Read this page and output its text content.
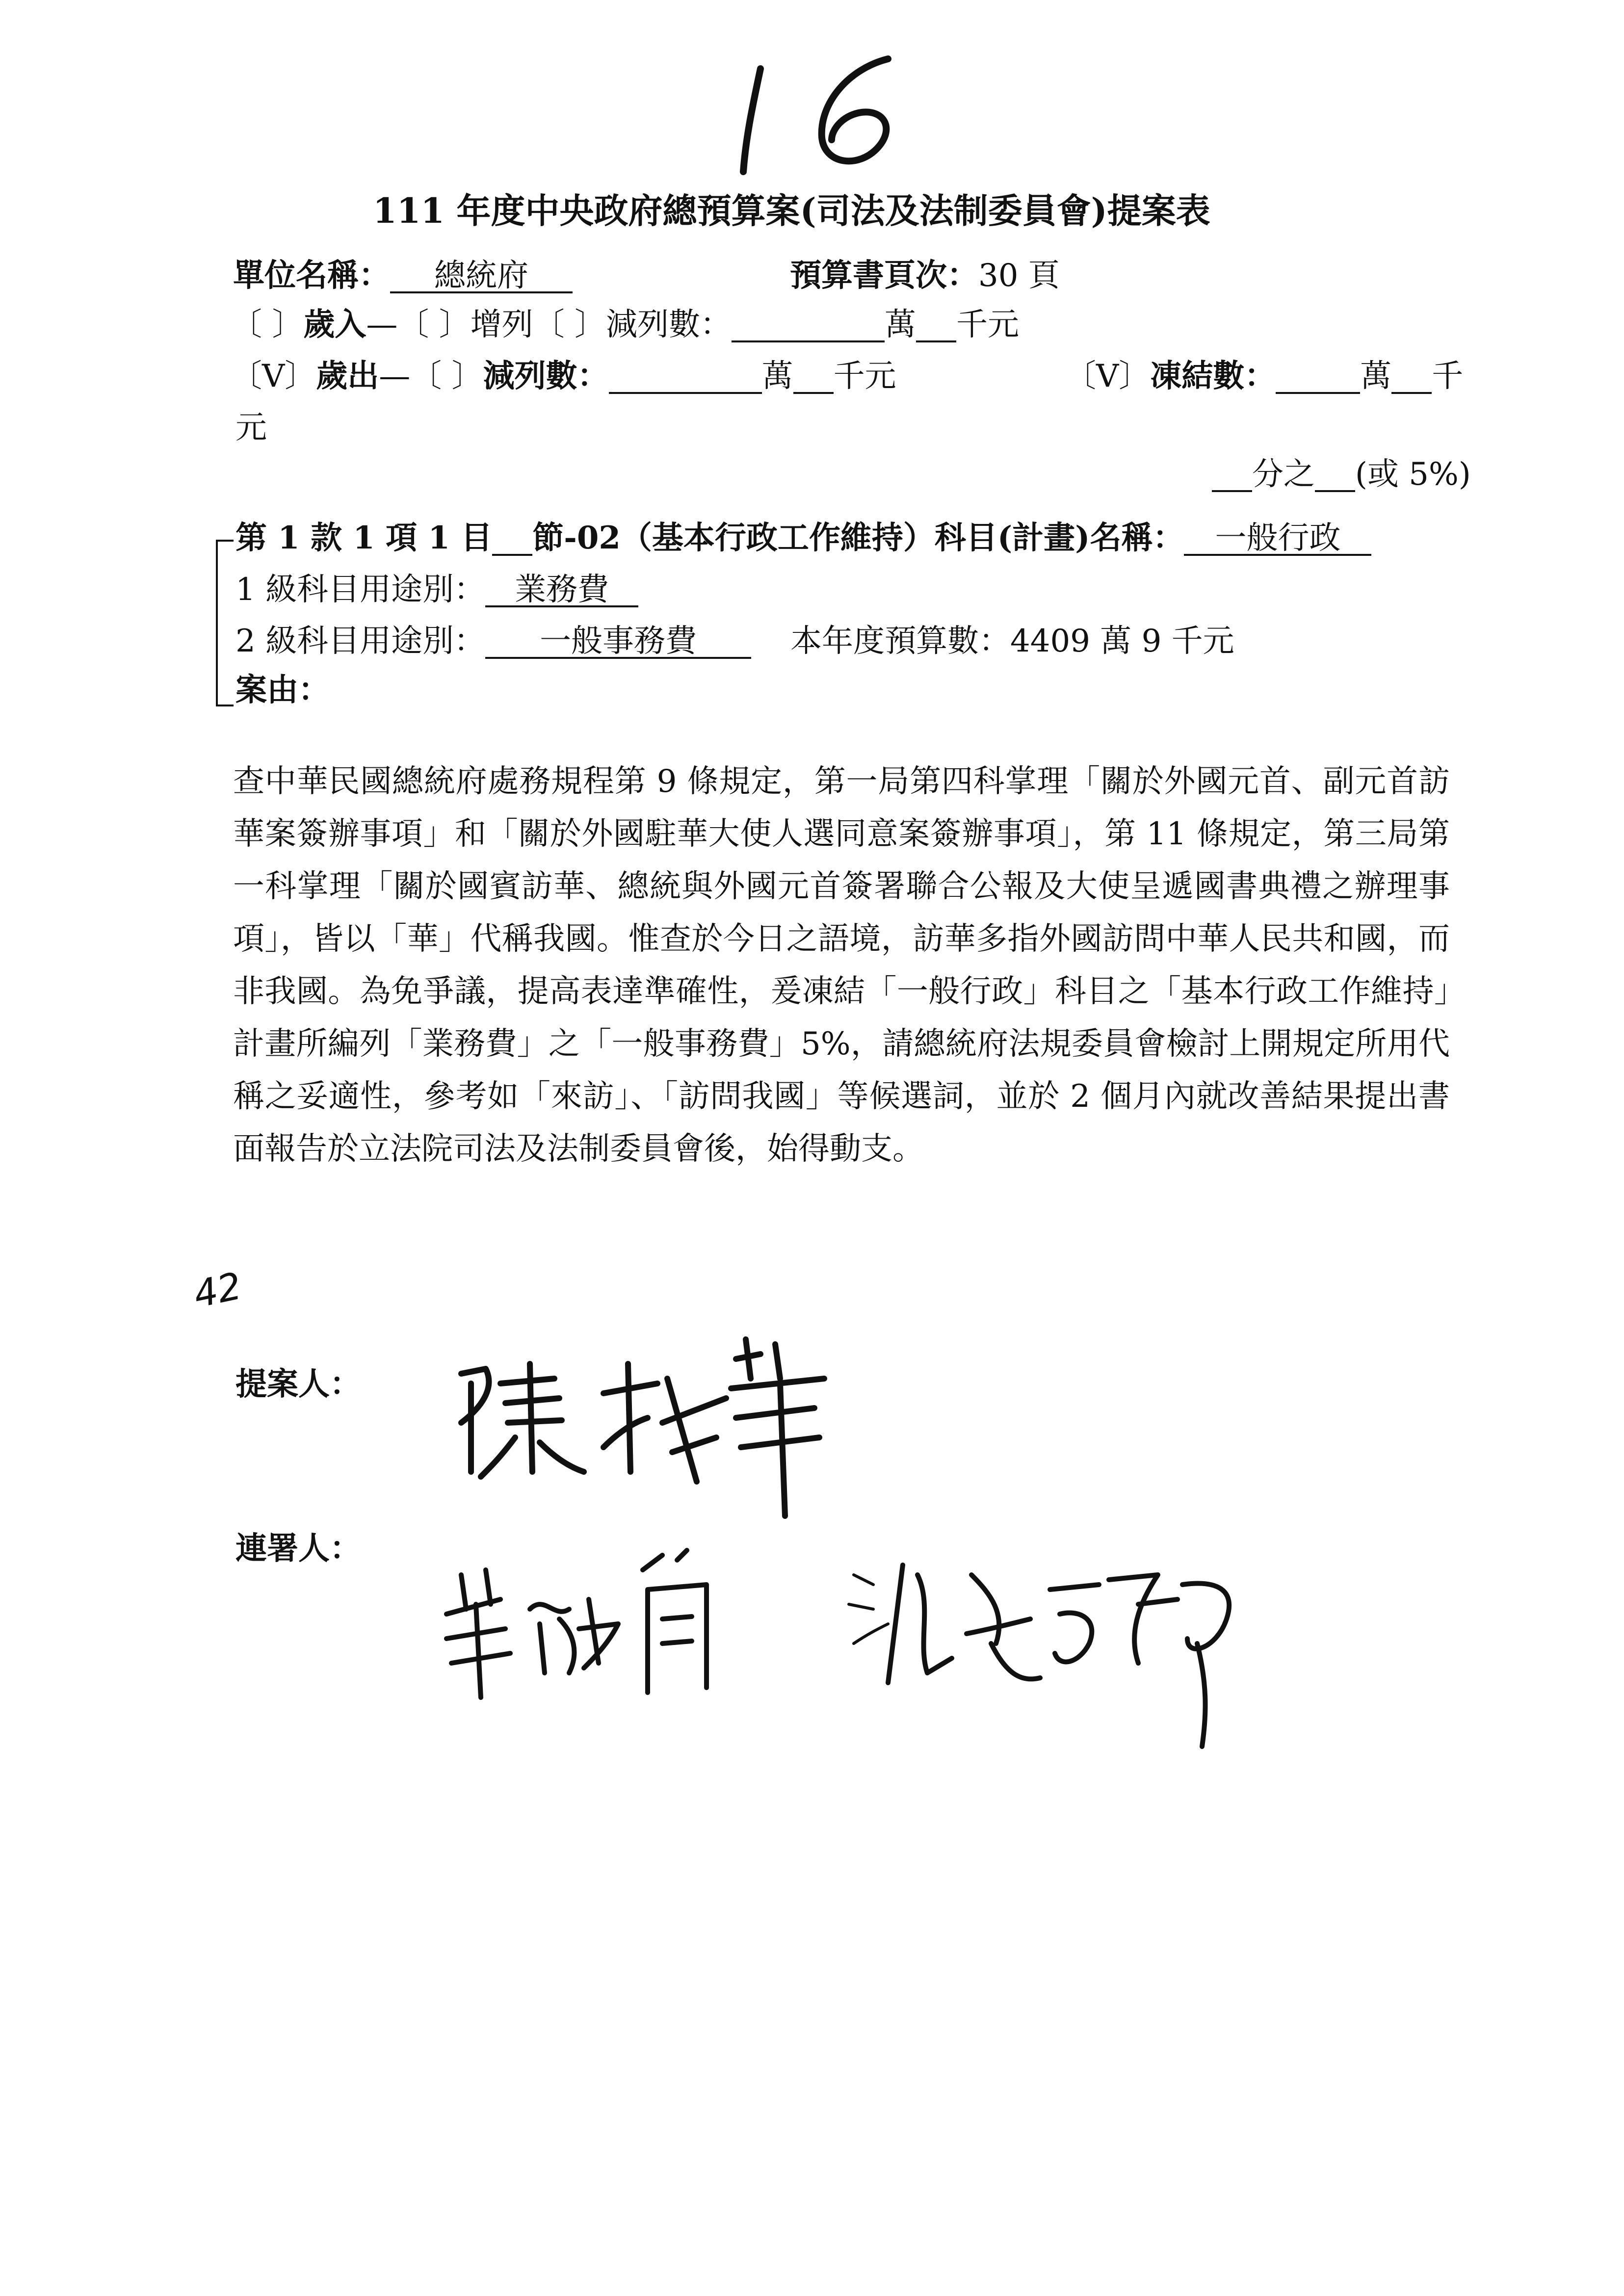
111 年度中央政府總預算案(司法及法制委員會)提案表
單位名稱： 總統府	預算書頁次：30 頁
〔 〕歲入—〔 〕增列〔 〕減列數：	萬 千元
〔V〕歲出—〔 〕減列數：	萬 千元	〔V〕凍結數：	萬 千
元
分之 (或 5%)
第 1 款 1 項 1 目 節-02（基本行政工作維持）科目(計畫)名稱： 一般行政
1 級科目用途別： 業務費
2 級科目用途別： 一般事務費	本年度預算數：4409 萬 9 千元
案由：

查中華民國總統府處務規程第 9 條規定，第一局第四科掌理「關於外國元首、副元首訪華案簽辦事項」和「關於外國駐華大使人選同意案簽辦事項」，第 11 條規定，第三局第一科掌理「關於國賓訪華、總統與外國元首簽署聯合公報及大使呈遞國書典禮之辦理事項」，皆以「華」代稱我國。惟查於今日之語境，訪華多指外國訪問中華人民共和國，而非我國。為免爭議，提高表達準確性，爰凍結「一般行政」科目之「基本行政工作維持」計畫所編列「業務費」之「一般事務費」5%，請總統府法規委員會檢討上開規定所用代稱之妥適性，參考如「來訪」、「訪問我國」等候選詞，並於 2 個月內就改善結果提出書面報告於立法院司法及法制委員會後，始得動支。

42
提案人：
連署人：
